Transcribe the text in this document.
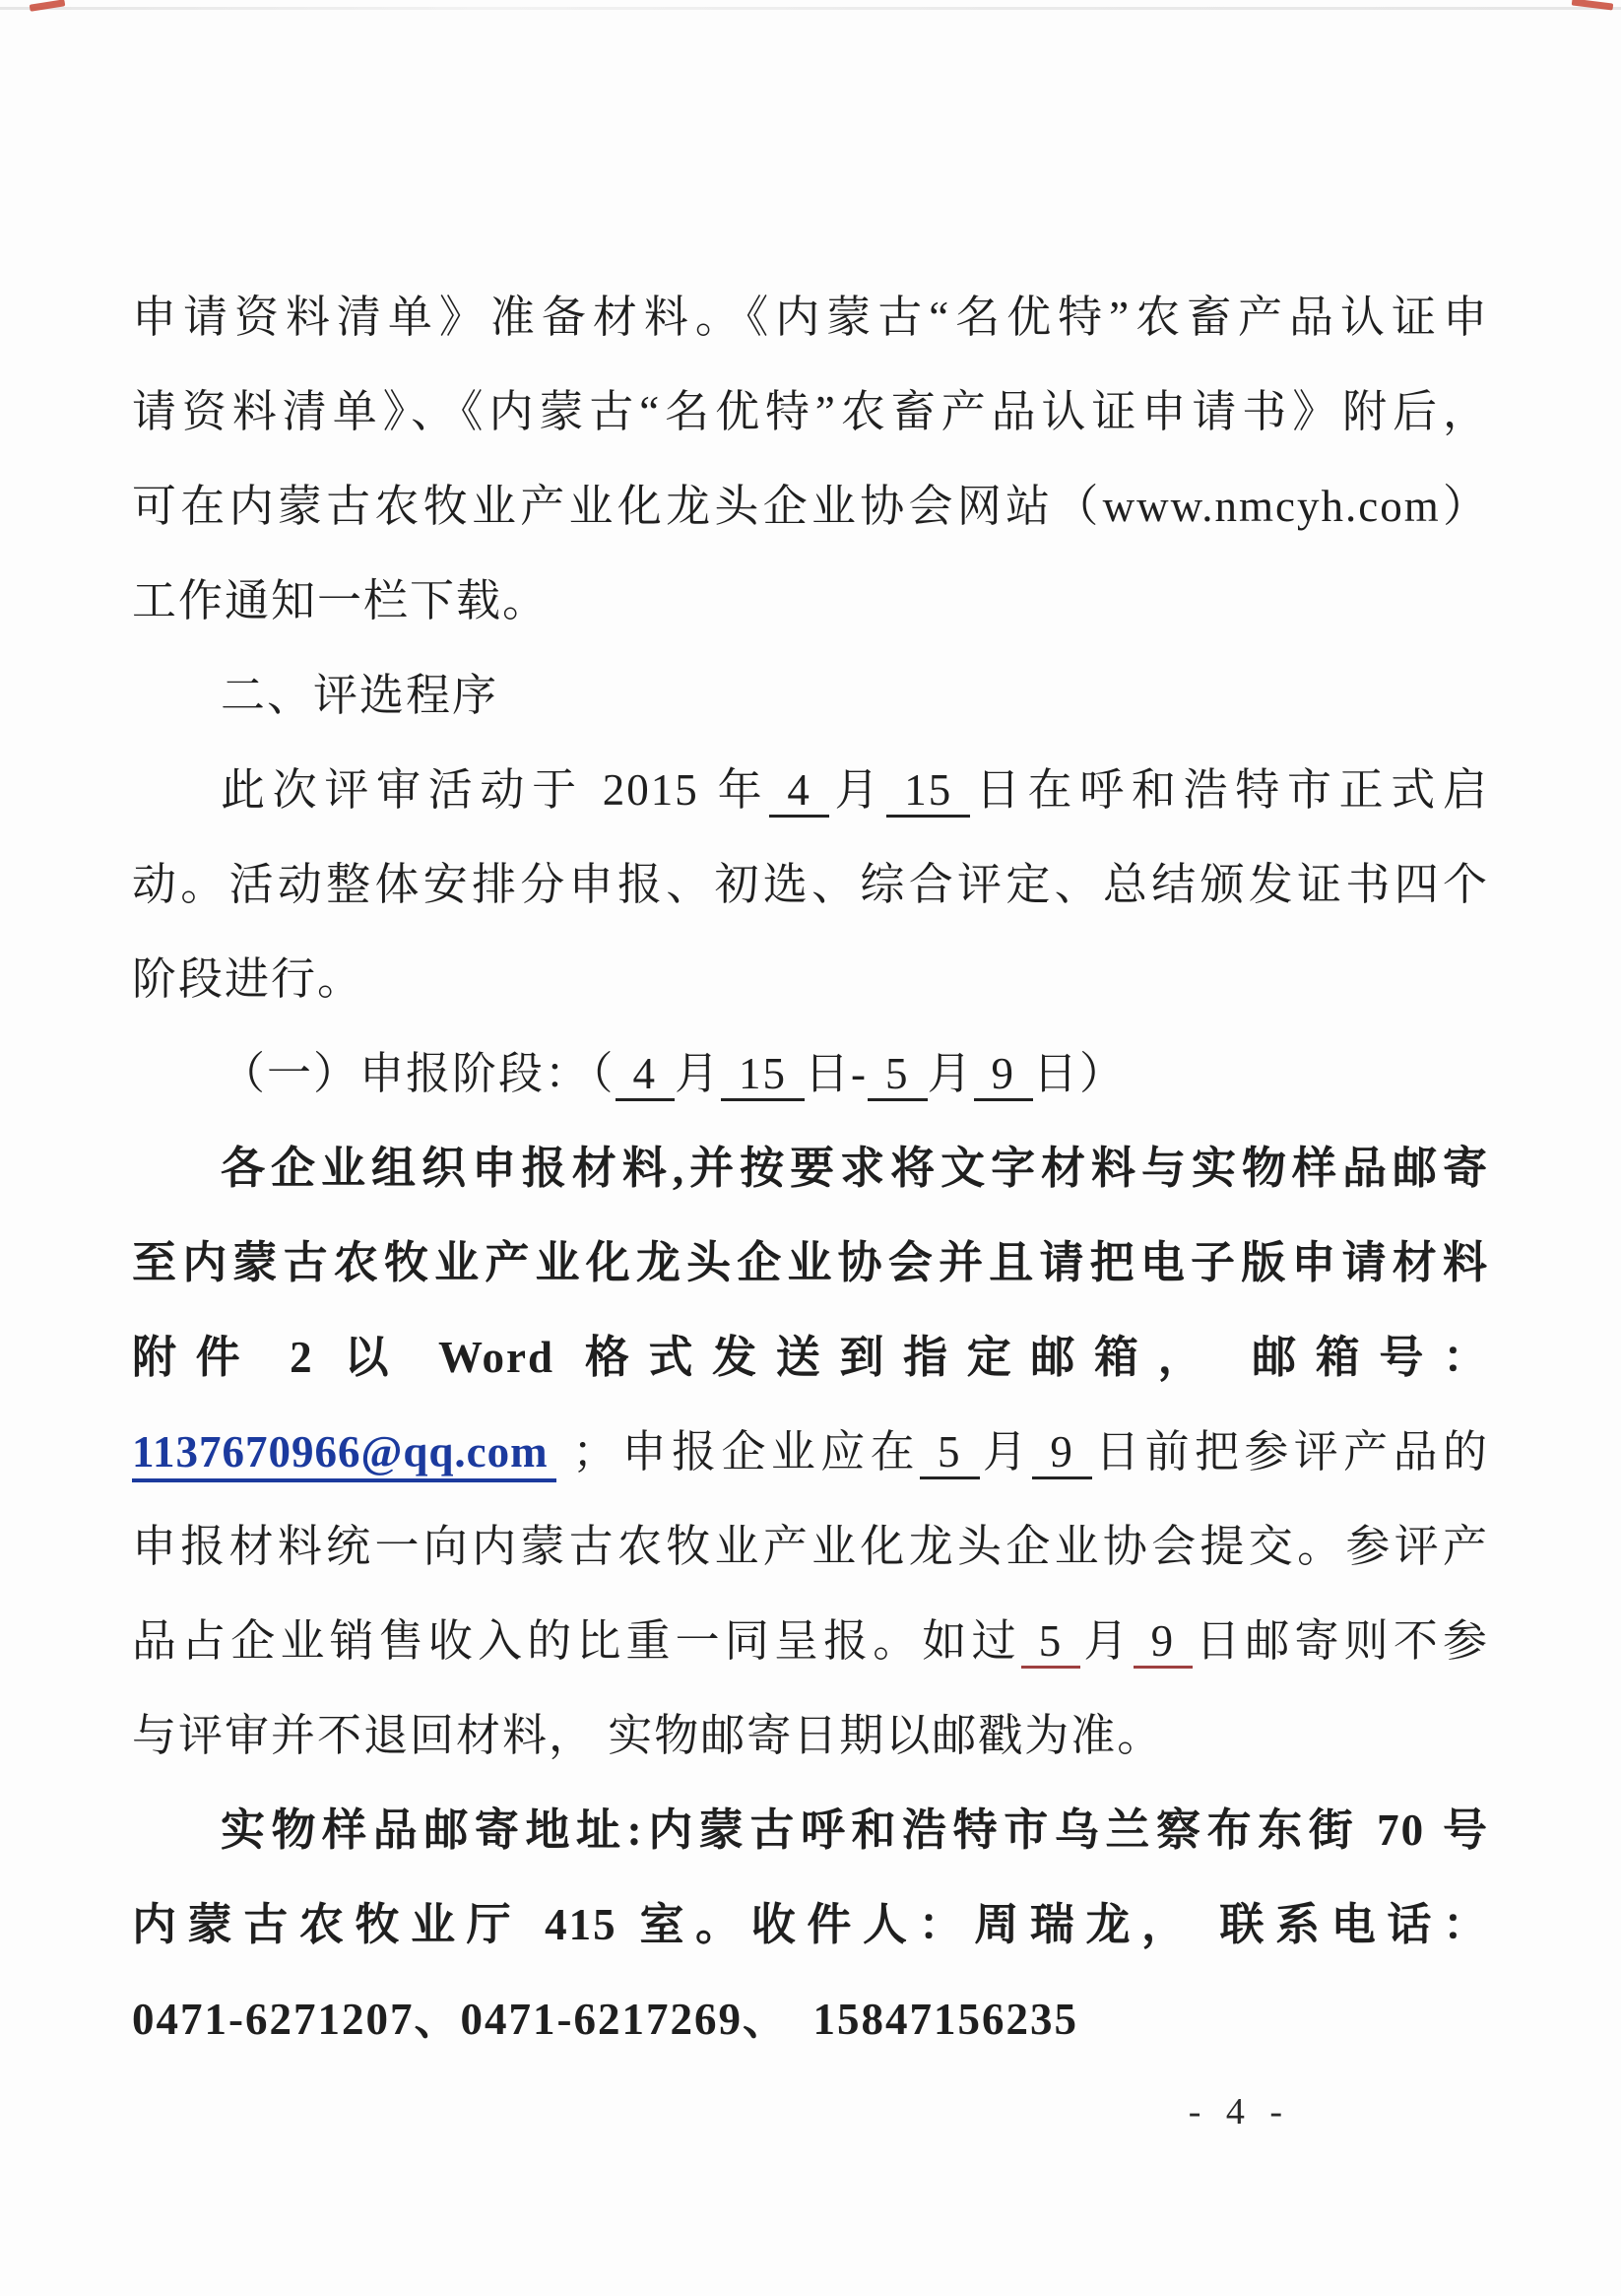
申请资料清单》准备材料。《内蒙古“名优特”农畜产品认证申
请资料清单》、《内蒙古“名优特”农畜产品认证申请书》附后，
可在内蒙古农牧业产业化龙头企业协会网站（www.nmcyh.com）
工作通知一栏下载。
二、评选程序
此次评审活动于 2015 年 4 月 15 日在呼和浩特市正式启
动。活动整体安排分申报、初选、综合评定、总结颁发证书四个
阶段进行。
（一）申报阶段：（ 4 月 15 日- 5 月 9 日）
各企业组织申报材料,并按要求将文字材料与实物样品邮寄
至内蒙古农牧业产业化龙头企业协会并且请把电子版申请材料
附件 2 以 Word 格式发送到指定邮箱， 邮箱号：
1137670966@qq.com ；申报企业应在 5 月 9 日前把参评产品的
申报材料统一向内蒙古农牧业产业化龙头企业协会提交。参评产
品占企业销售收入的比重一同呈报。如过 5 月 9 日邮寄则不参
与评审并不退回材料， 实物邮寄日期以邮戳为准。
实物样品邮寄地址:内蒙古呼和浩特市乌兰察布东街 70 号
内蒙古农牧业厅 415 室。收件人：周瑞龙， 联系电话：
0471-6271207、0471-6217269、　15847156235
- 4 -
